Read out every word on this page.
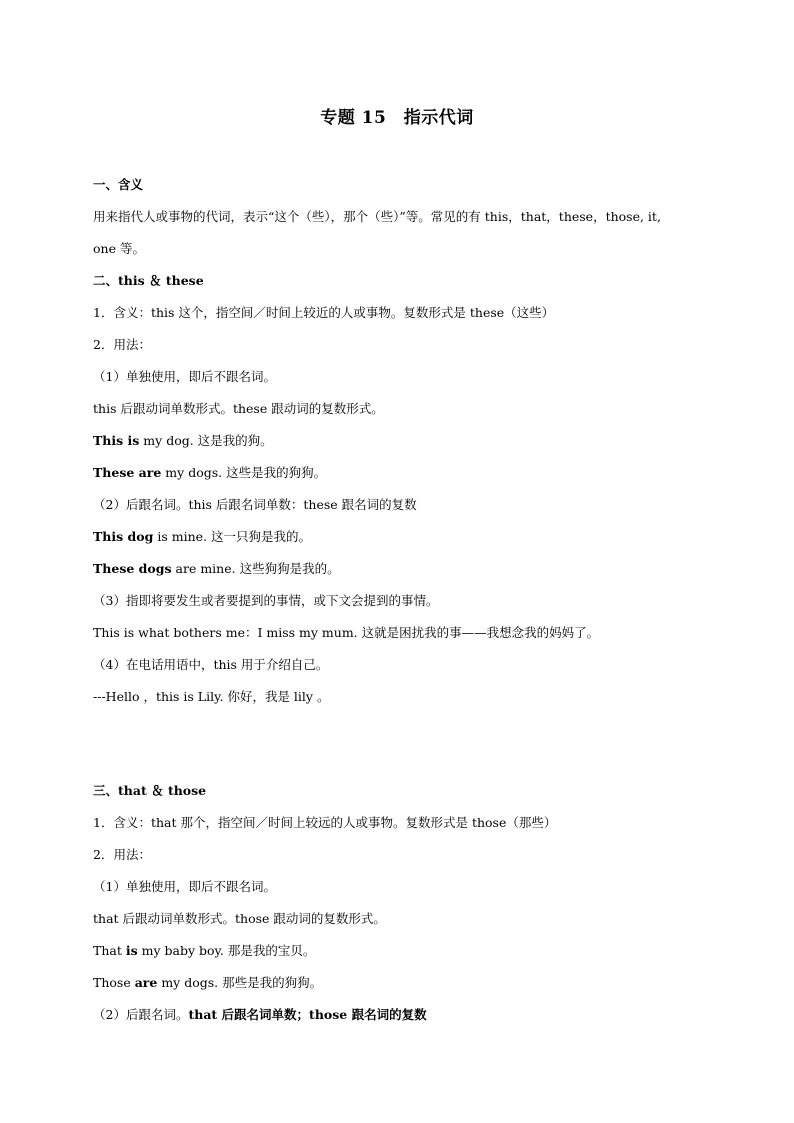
专题 15　指示代词
一、含义
用来指代人或事物的代词，表示“这个（些），那个（些）”等。常见的有 this，that，these，those, it,
one 等。
二、this ＆ these
1．含义：this 这个，指空间／时间上较近的人或事物。复数形式是 these（这些）
2．用法：
（1）单独使用，即后不跟名词。
this 后跟动词单数形式。these 跟动词的复数形式。
This is my dog. 这是我的狗。
These are my dogs. 这些是我的狗狗。
（2）后跟名词。this 后跟名词单数：these 跟名词的复数
This dog is mine. 这一只狗是我的。
These dogs are mine. 这些狗狗是我的。
（3）指即将要发生或者要提到的事情，或下文会提到的事情。
This is what bothers me：I miss my mum. 这就是困扰我的事——我想念我的妈妈了。
（4）在电话用语中，this 用于介绍自己。
---Hello ，this is Lily. 你好，我是 lily 。
三、that ＆ those
1．含义：that 那个，指空间／时间上较远的人或事物。复数形式是 those（那些）
2．用法：
（1）单独使用，即后不跟名词。
that 后跟动词单数形式。those 跟动词的复数形式。
That is my baby boy. 那是我的宝贝。
Those are my dogs. 那些是我的狗狗。
（2）后跟名词。that 后跟名词单数；those 跟名词的复数
